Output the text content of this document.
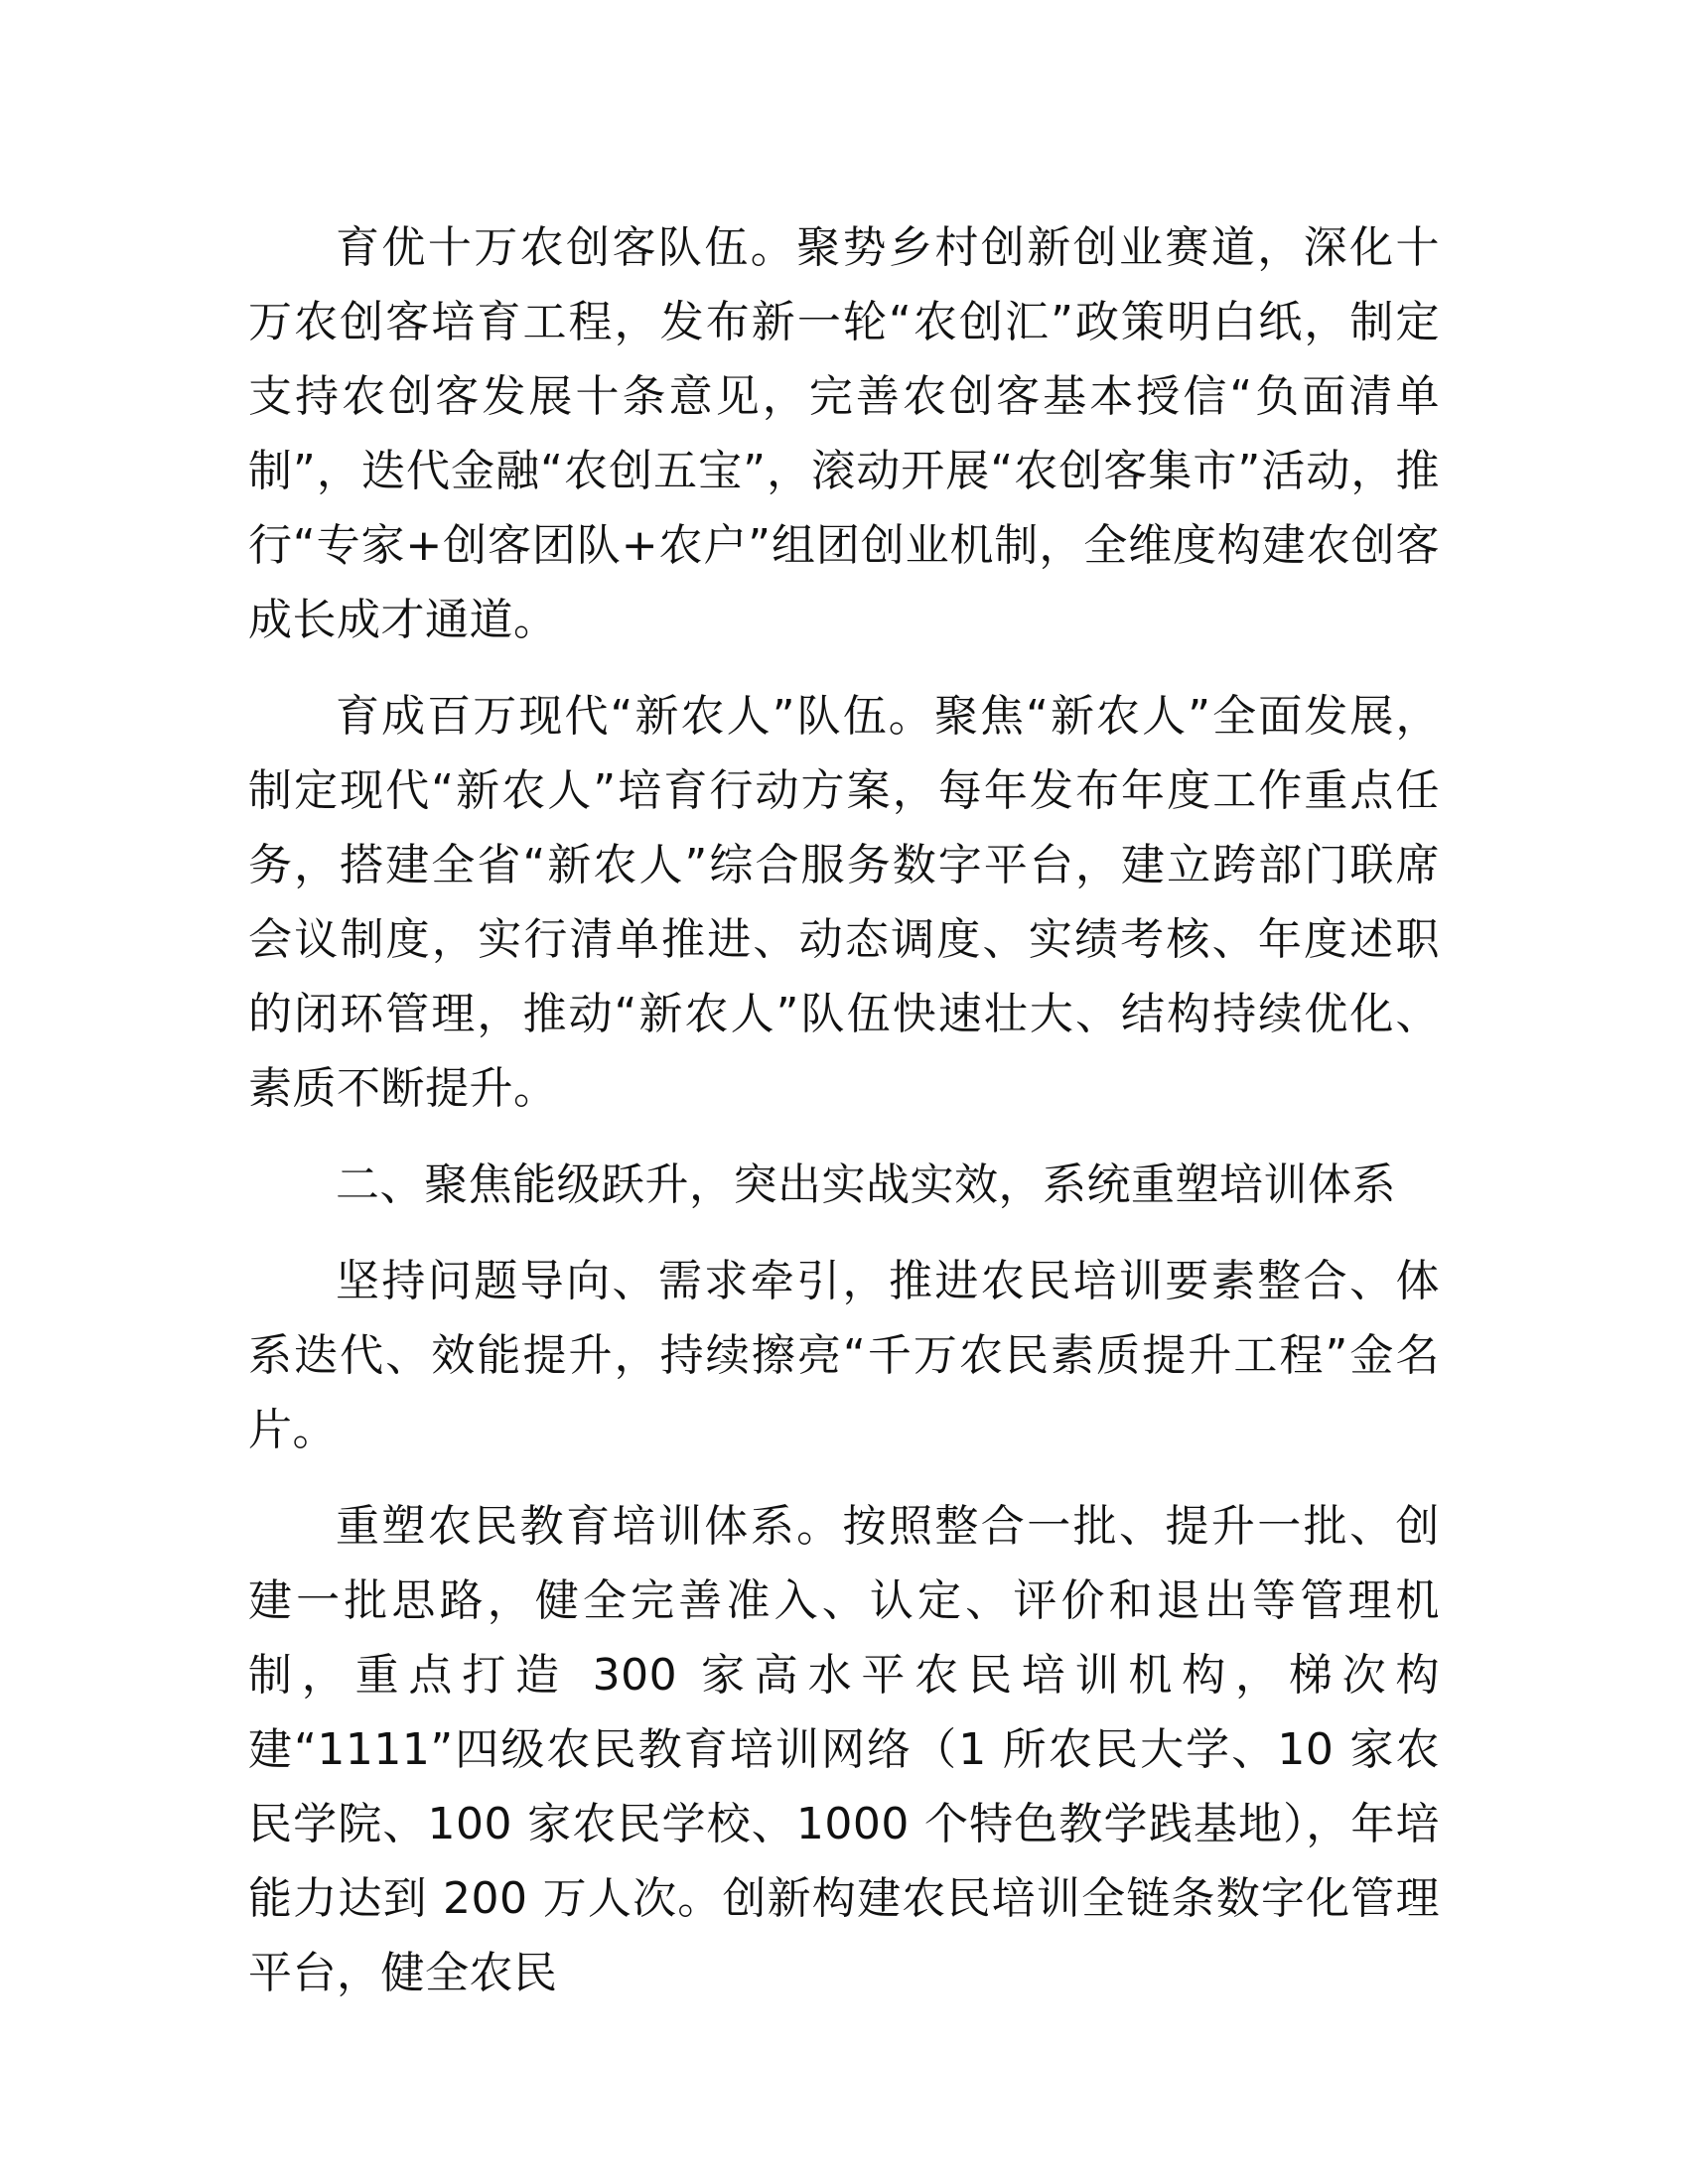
育优十万农创客队伍。聚势乡村创新创业赛道，深化十万农创客培育工程，发布新一轮“农创汇”政策明白纸，制定支持农创客发展十条意见，完善农创客基本授信“负面清单制”，迭代金融“农创五宝”，滚动开展“农创客集市”活动，推行“专家+创客团队+农户”组团创业机制，全维度构建农创客成长成才通道。

育成百万现代“新农人”队伍。聚焦“新农人”全面发展，制定现代“新农人”培育行动方案，每年发布年度工作重点任务，搭建全省“新农人”综合服务数字平台，建立跨部门联席会议制度，实行清单推进、动态调度、实绩考核、年度述职的闭环管理，推动“新农人”队伍快速壮大、结构持续优化、素质不断提升。

二、聚焦能级跃升，突出实战实效，系统重塑培训体系

坚持问题导向、需求牵引，推进农民培训要素整合、体系迭代、效能提升，持续擦亮“千万农民素质提升工程”金名片。

重塑农民教育培训体系。按照整合一批、提升一批、创建一批思路，健全完善准入、认定、评价和退出等管理机制，重点打造 300 家高水平农民培训机构，梯次构建“1111”四级农民教育培训网络（1 所农民大学、10 家农民学院、100 家农民学校、1000 个特色教学践基地），年培能力达到 200 万人次。创新构建农民培训全链条数字化管理平台，健全农民
